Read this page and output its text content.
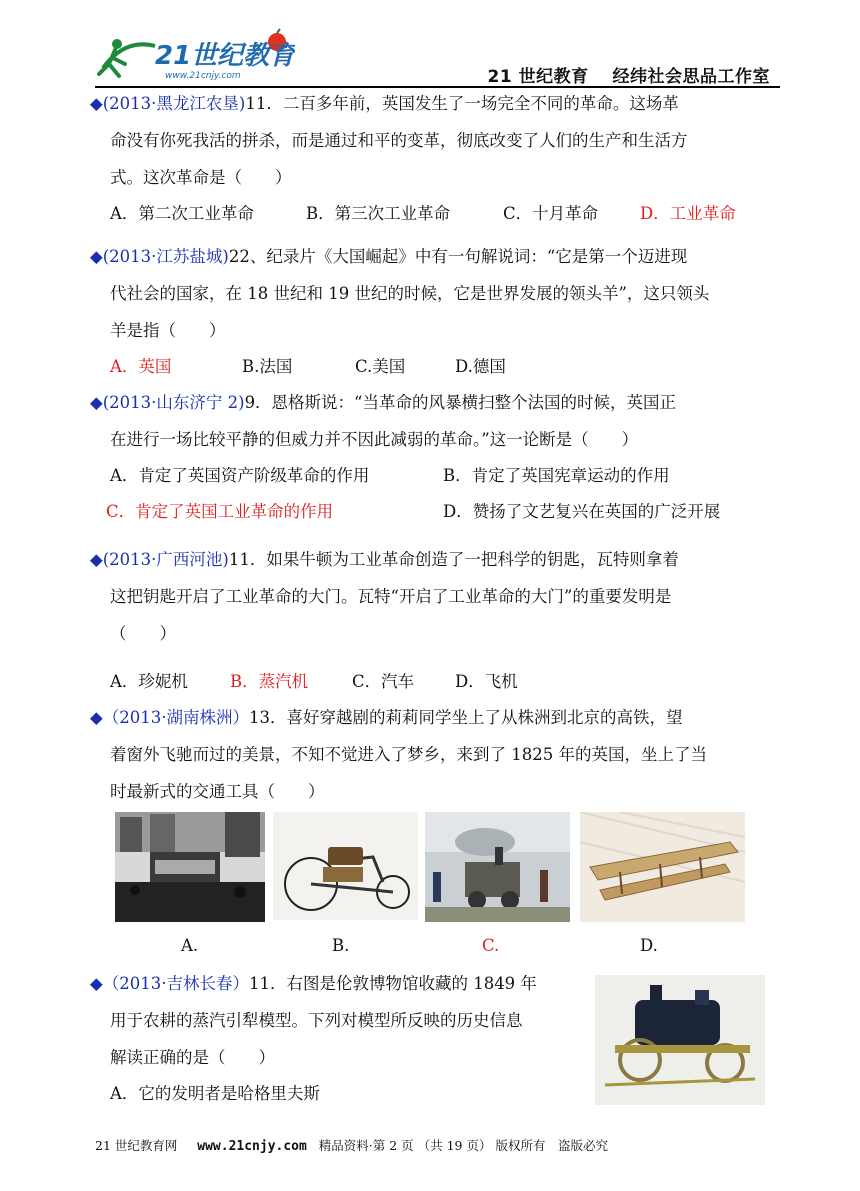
21世纪教育
www.21cnjy.com	21 世纪教育　 经纬社会思品工作室
◆(2013·黑龙江农垦)11．二百多年前，英国发生了一场完全不同的革命。这场革
命没有你死我活的拼杀，而是通过和平的变革，彻底改变了人们的生产和生活方
式。这次革命是（　　）
A．第二次工业革命	B．第三次工业革命	C．十月革命	D．工业革命
◆(2013·江苏盐城)22、纪录片《大国崛起》中有一句解说词：“它是第一个迈进现
代社会的国家，在 18 世纪和 19 世纪的时候，它是世界发展的领头羊”，这只领头
羊是指（　　）
A．英国	B.法国	C.美国	D.德国
◆(2013·山东济宁 2)9．恩格斯说：“当革命的风暴横扫整个法国的时候，英国正
在进行一场比较平静的但威力并不因此减弱的革命。”这一论断是（　　）
A．肯定了英国资产阶级革命的作用	B．肯定了英国宪章运动的作用
C．肯定了英国工业革命的作用	D．赞扬了文艺复兴在英国的广泛开展
◆(2013·广西河池)11．如果牛顿为工业革命创造了一把科学的钥匙，瓦特则拿着
这把钥匙开启了工业革命的大门。瓦特“开启了工业革命的大门”的重要发明是
（　　）
A．珍妮机	B．蒸汽机	C．汽车 D．飞机
◆（2013·湖南株洲）13．喜好穿越剧的莉莉同学坐上了从株洲到北京的高铁，望
着窗外飞驰而过的美景，不知不觉进入了梦乡，来到了 1825 年的英国，坐上了当
时最新式的交通工具（　　）
A.	B.	C.	D.
◆（2013·吉林长春）11．右图是伦敦博物馆收藏的 1849 年
用于农耕的蒸汽引犁模型。下列对模型所反映的历史信息
解读正确的是（　　）
A．它的发明者是哈格里夫斯
21 世纪教育网 www.21cnjy.com 精品资料·第 2 页 （共 19 页） 版权所有　盗版必究
